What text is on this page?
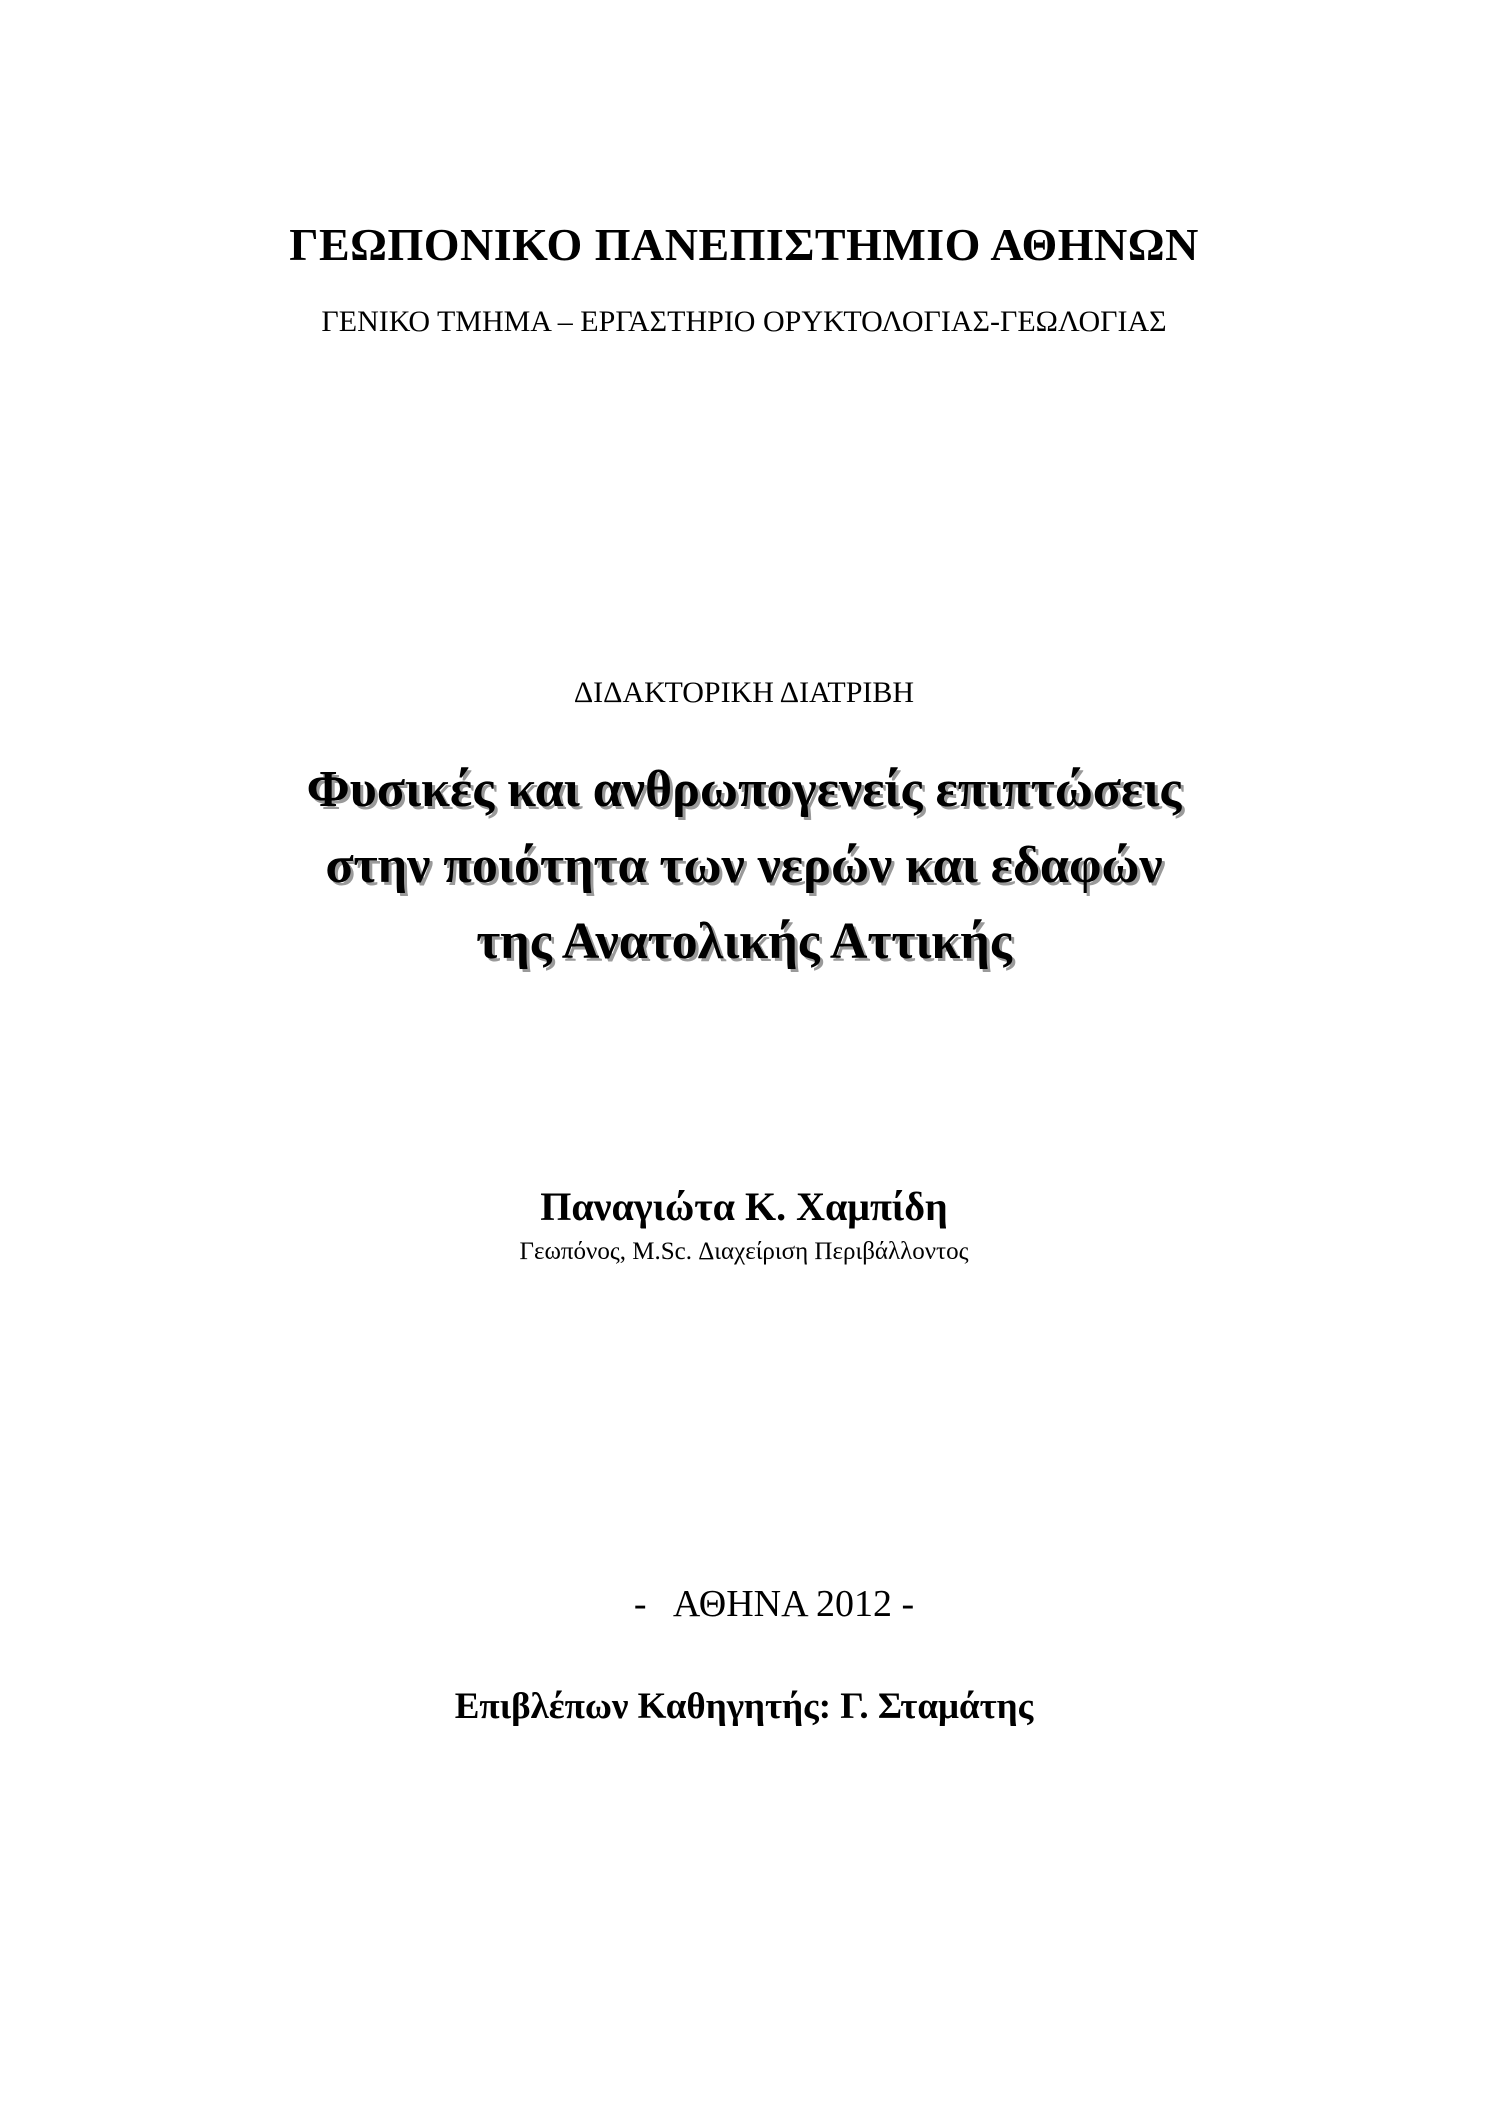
ΓΕΩΠΟΝΙΚΟ ΠΑΝΕΠΙΣΤΗΜΙΟ ΑΘΗΝΩΝ
ΓΕΝΙΚΟ ΤΜΗΜΑ – ΕΡΓΑΣΤΗΡΙΟ ΟΡΥΚΤΟΛΟΓΙΑΣ-ΓΕΩΛΟΓΙΑΣ
ΔΙΔΑΚΤΟΡΙΚΗ ΔΙΑΤΡΙΒΗ
Φυσικές και ανθρωπογενείς επιπτώσεις
στην ποιότητα των νερών και εδαφών
της Ανατολικής Αττικής
Παναγιώτα Κ. Χαμπίδη
Γεωπόνος, M.Sc. Διαχείριση Περιβάλλοντος
-   ΑΘΗΝΑ 2012 -
Επιβλέπων Καθηγητής: Γ. Σταμάτης
